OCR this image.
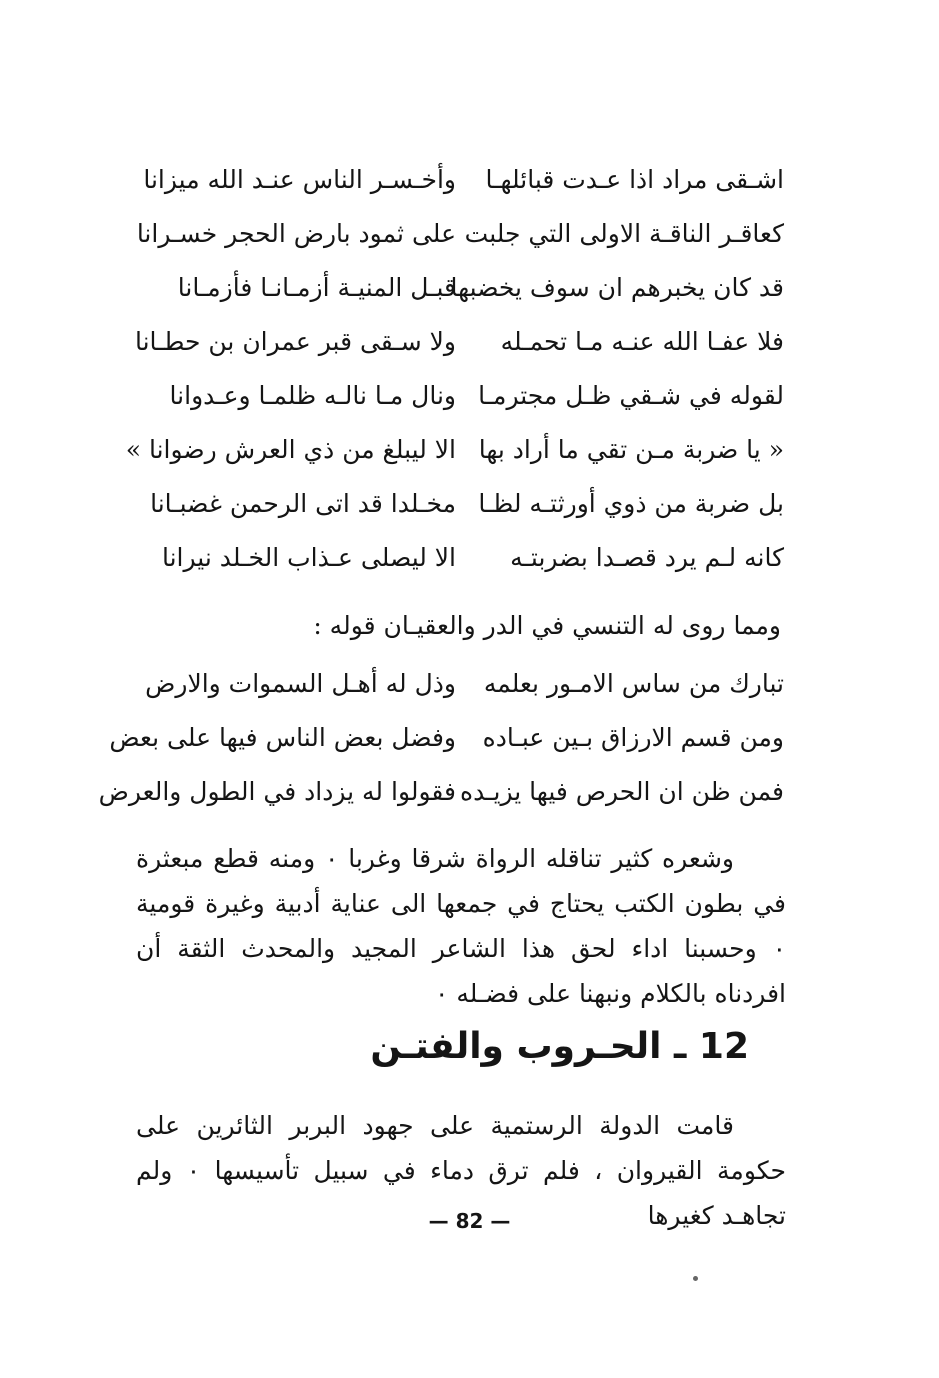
اشـقى مراد اذا عـدت قبائلهـا
وأخـسـر الناس عنـد الله ميزانا
كعاقـر الناقـة الاولى التي جلبت
على ثمود بارض الحجر خسـرانا
قد كان يخبرهم ان سوف يخضبها
قبـل المنيـة أزمـانـا فأزمـانا
فلا عفـا الله عنـه مـا تحمـله
ولا سـقى قبر عمران بن حطـانا
لقوله في شـقي ظـل مجترمـا
ونال مـا نالـه ظلمـا وعـدوانا
« يا ضربة مـن تقي ما أراد بها
الا ليبلغ من ذي العرش رضوانا »
بل ضربة من ذوي أورثتـه لظـا
مخـلدا قد اتى الرحمن غضبـانا
كانه لـم يرد قصـدا بضربتـه
الا ليصلى عـذاب الخـلد نيرانا
ومما روى له التنسي في الدر والعقيـان قوله :
تبارك من ساس الامـور بعلمه
وذل له أهـل السموات والارض
ومن قسم الارزاق بـين عبـاده
وفضل بعض الناس فيها على بعض
فمن ظن ان الحرص فيها يزيـده
فقولوا له يزداد في الطول والعرض
وشعره كثير تناقله الرواة شرقا وغربا ٠ ومنه قطع مبعثرة في بطون الكتب يحتاج في جمعها الى عناية أدبية وغيرة قومية ٠ وحسبنا اداء لحق هذا الشاعر المجيد والمحدث الثقة أن افردناه بالكلام ونبهنا على فضـله ٠
12 ـ الحـروب والفتـن
قامت الدولة الرستمية على جهود البربر الثائرين على حكومة القيروان ، فلم ترق دماء في سبيل تأسيسها ٠ ولم تجاهـد كغيرها
— 82 —
